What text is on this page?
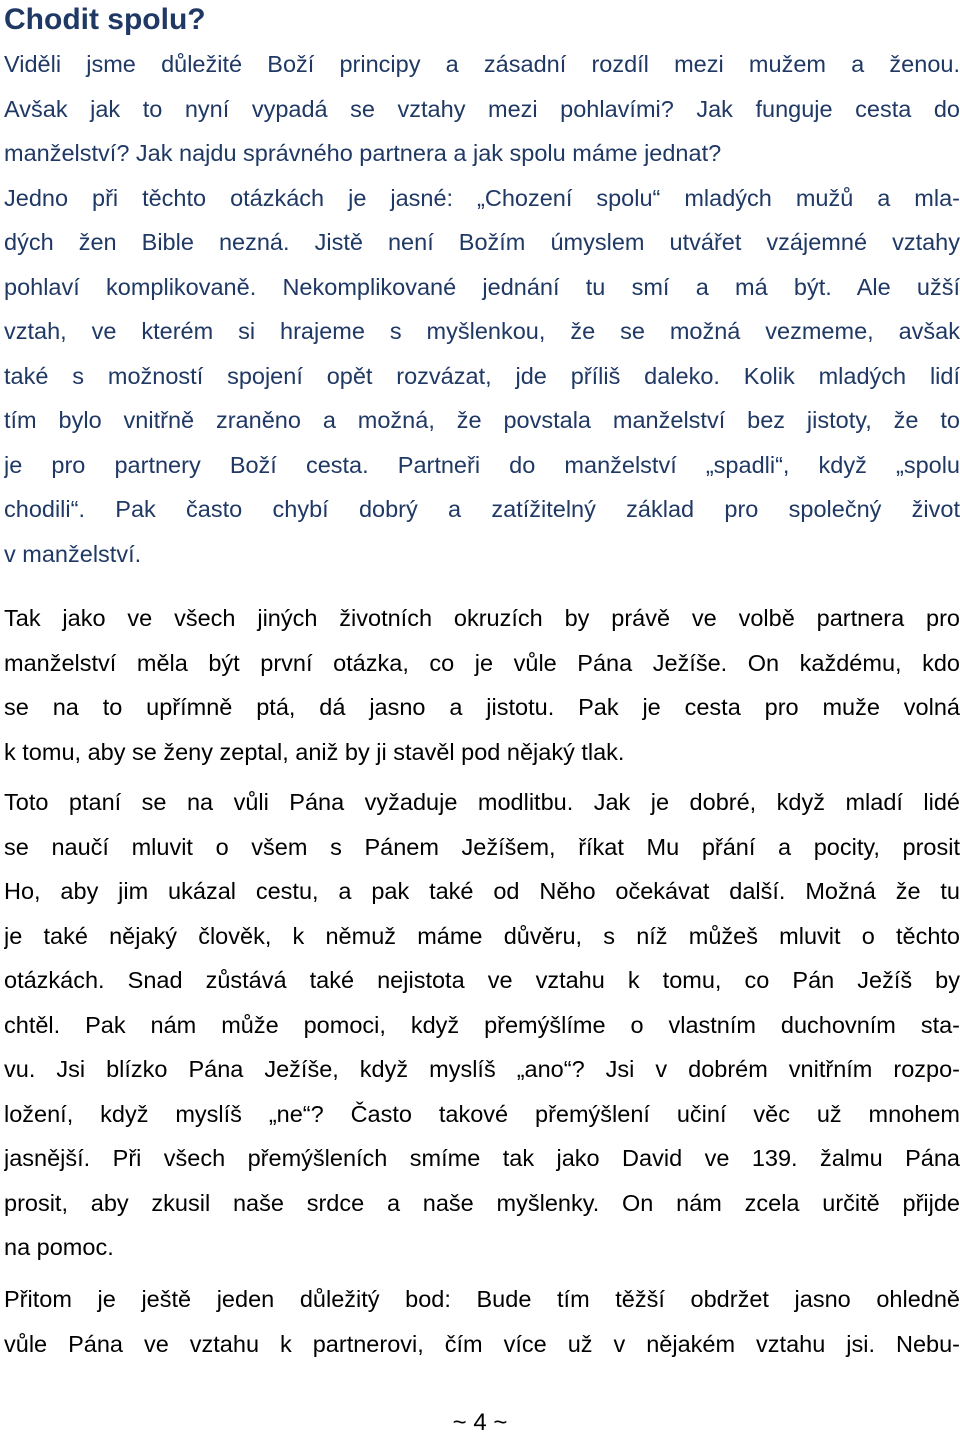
Chodit spolu?
Viděli jsme důležité Boží principy a zásadní rozdíl mezi mužem a ženou.
Avšak jak to nyní vypadá se vztahy mezi pohlavími? Jak funguje cesta do
manželství? Jak najdu správného partnera a jak spolu máme jednat?
Jedno při těchto otázkách je jasné: „Chození spolu“ mladých mužů a mla-
dých žen Bible nezná. Jistě není Božím úmyslem utvářet vzájemné vztahy
pohlaví komplikovaně. Nekomplikované jednání tu smí a má být. Ale užší
vztah, ve kterém si hrajeme s myšlenkou, že se možná vezmeme, avšak
také s možností spojení opět rozvázat, jde příliš daleko. Kolik mladých lidí
tím bylo vnitřně zraněno a možná, že povstala manželství bez jistoty, že to
je pro partnery Boží cesta. Partneři do manželství „spadli“, když „spolu
chodili“. Pak často chybí dobrý a zatížitelný základ pro společný život
v manželství.
Tak jako ve všech jiných životních okruzích by právě ve volbě partnera pro
manželství měla být první otázka, co je vůle Pána Ježíše. On každému, kdo
se na to upřímně ptá, dá jasno a jistotu. Pak je cesta pro muže volná
k tomu, aby se ženy zeptal, aniž by ji stavěl pod nějaký tlak.
Toto ptaní se na vůli Pána vyžaduje modlitbu. Jak je dobré, když mladí lidé
se naučí mluvit o všem s Pánem Ježíšem, říkat Mu přání a pocity, prosit
Ho, aby jim ukázal cestu, a pak také od Něho očekávat další. Možná že tu
je také nějaký člověk, k němuž máme důvěru, s níž můžeš mluvit o těchto
otázkách. Snad zůstává také nejistota ve vztahu k tomu, co Pán Ježíš by
chtěl. Pak nám může pomoci, když přemýšlíme o vlastním duchovním sta-
vu. Jsi blízko Pána Ježíše, když myslíš „ano“? Jsi v dobrém vnitřním rozpo-
ložení, když myslíš „ne“? Často takové přemýšlení učiní věc už mnohem
jasnější. Při všech přemýšleních smíme tak jako David ve 139. žalmu Pána
prosit, aby zkusil naše srdce a naše myšlenky. On nám zcela určitě přijde
na pomoc.
Přitom je ještě jeden důležitý bod: Bude tím těžší obdržet jasno ohledně
vůle Pána ve vztahu k partnerovi, čím více už v nějakém vztahu jsi. Nebu-
~ 4 ~
